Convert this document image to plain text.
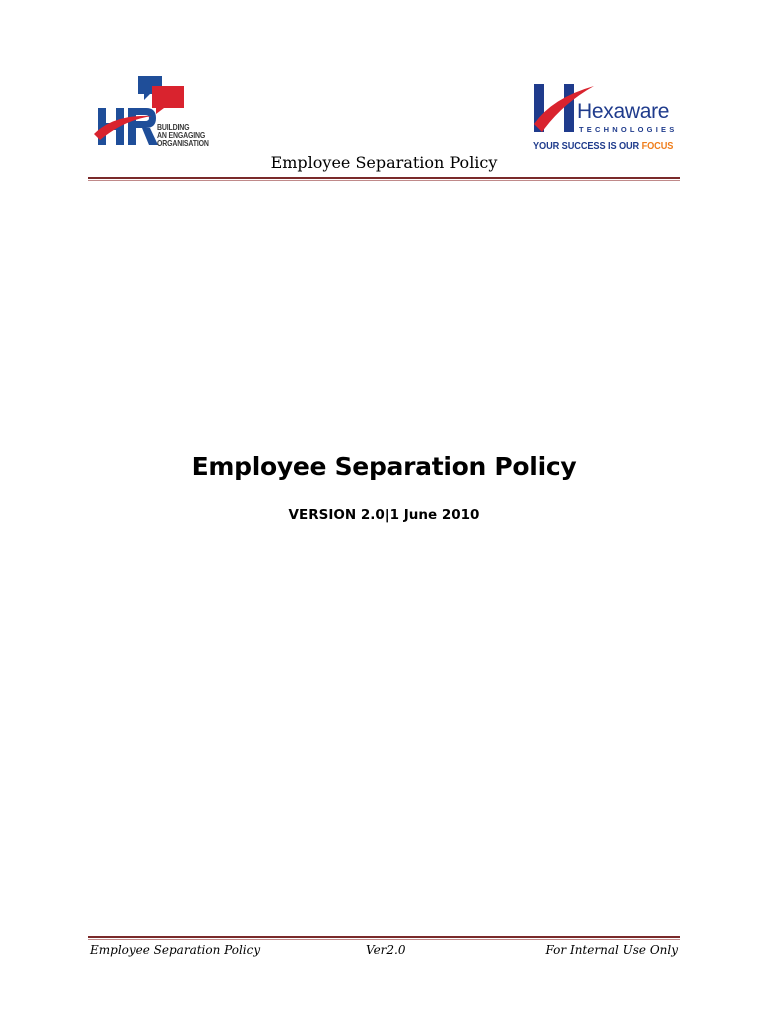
BUILDING
AN ENGAGING
ORGANISATION
Hexaware
TECHNOLOGIES
YOUR SUCCESS IS OUR FOCUS
Employee Separation Policy
Employee Separation Policy
VERSION 2.0|1 June 2010
Employee Separation Policy	Ver2.0	For Internal Use Only
